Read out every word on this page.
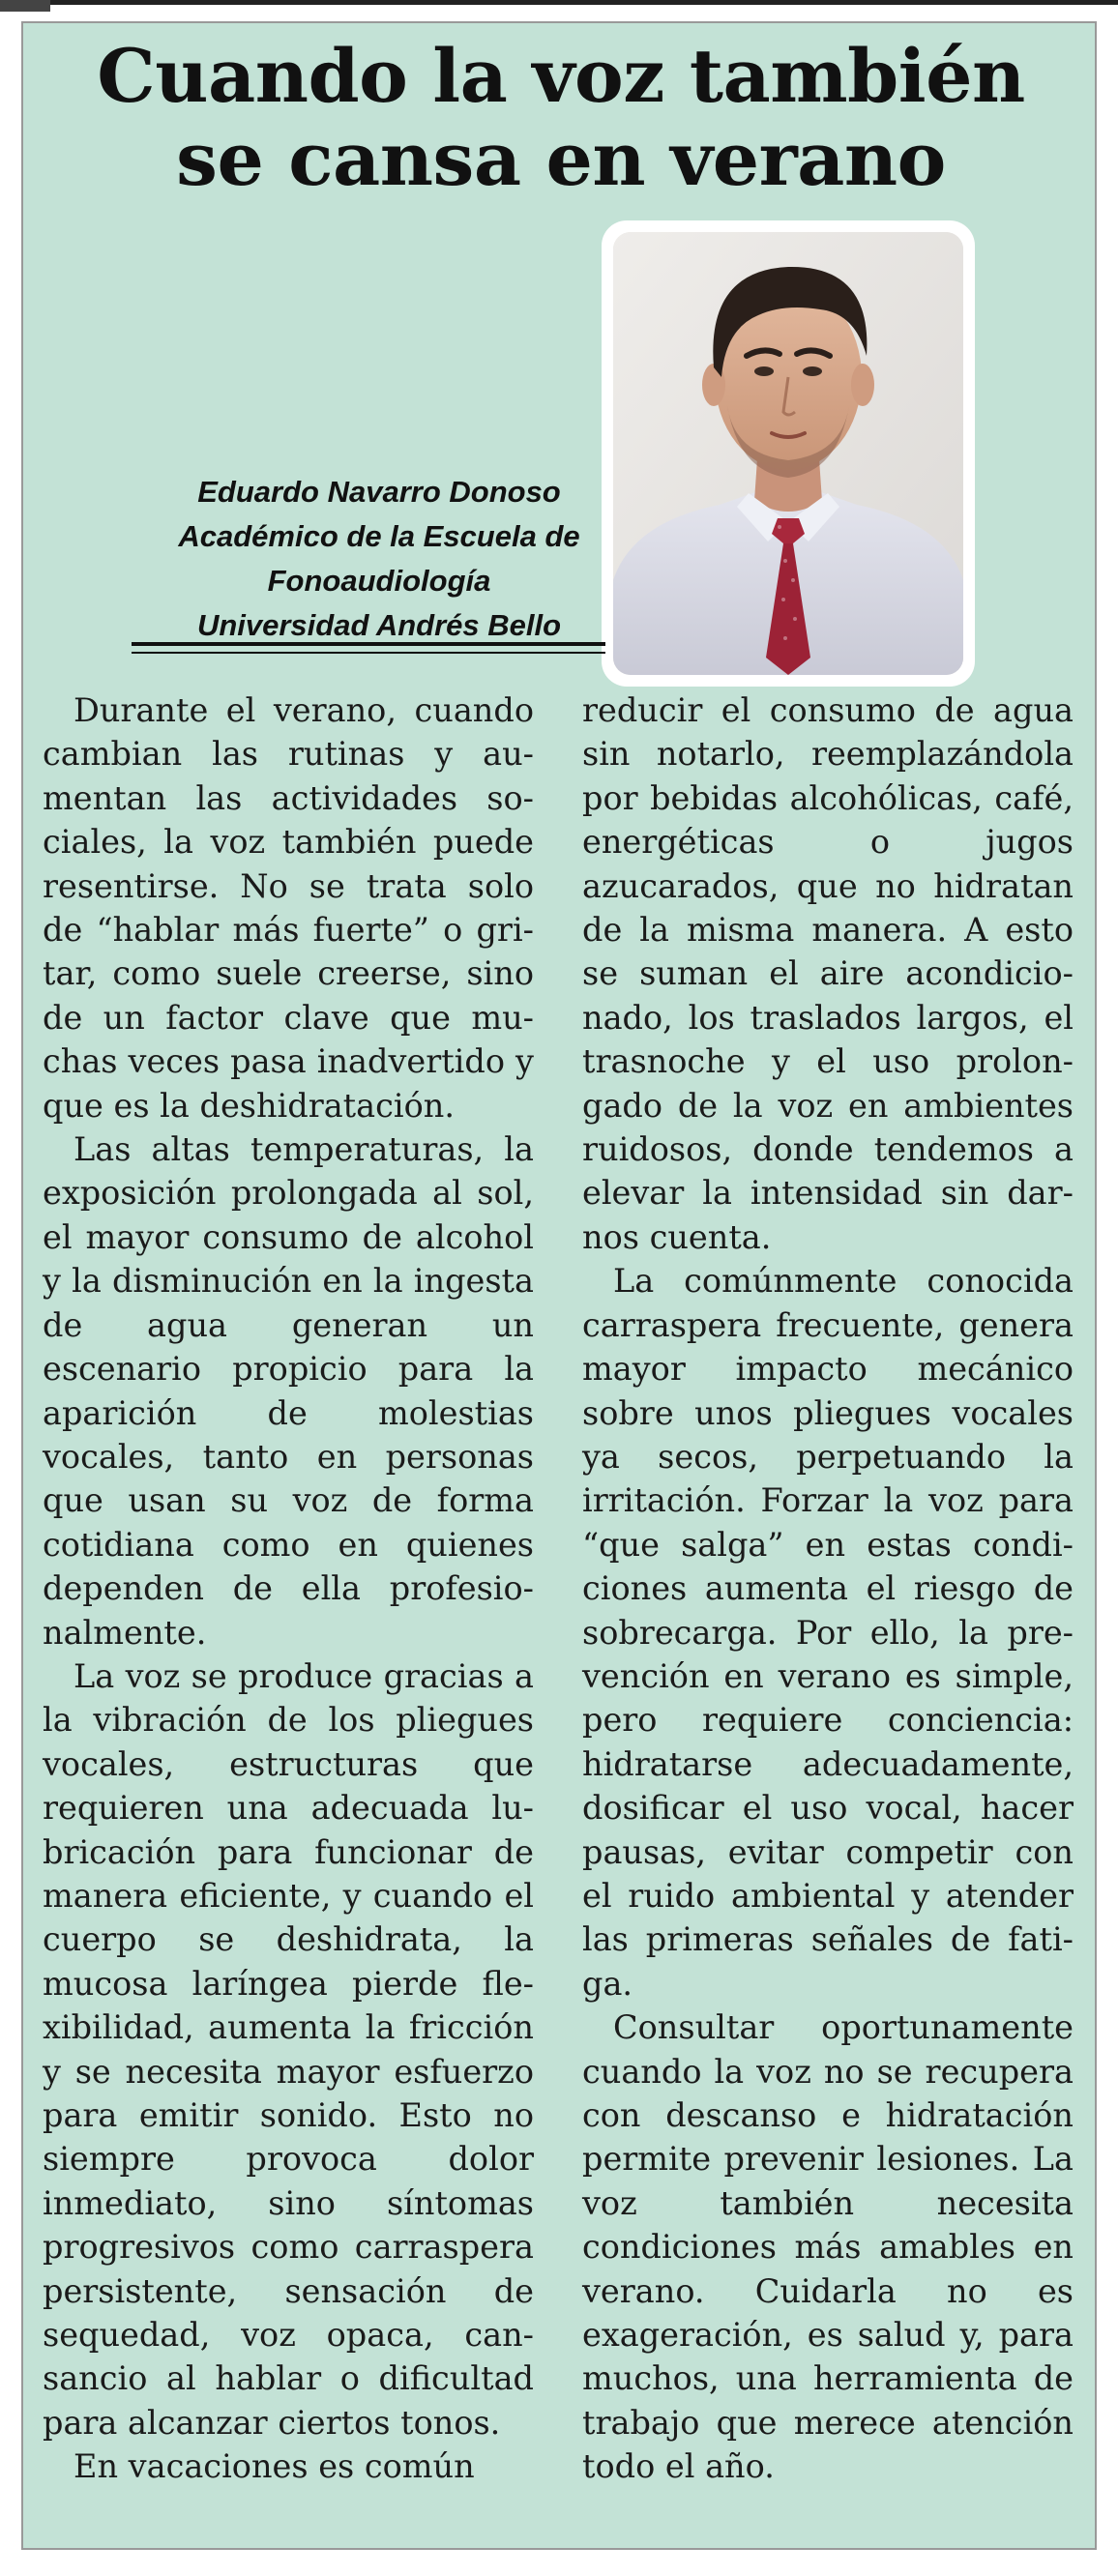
Cuando la voz también
se cansa en verano
Eduardo Navarro Donoso
Académico de la Escuela de
Fonoaudiología
Universidad Andrés Bello

Durante el verano, cuando cambian las rutinas y aumentan las actividades sociales, la voz también puede resentirse. No se trata solo de “hablar más fuerte” o gritar, como suele creerse, sino de un factor clave que muchas veces pasa inadvertido y que es la deshidratación.

Las altas temperaturas, la exposición prolongada al sol, el mayor consumo de alcohol y la disminución en la ingesta de agua generan un escenario propicio para la aparición de molestias vocales, tanto en personas que usan su voz de forma cotidiana como en quienes dependen de ella profesionalmente.

La voz se produce gracias a la vibración de los pliegues vocales, estructuras que requieren una adecuada lubricación para funcionar de manera eficiente, y cuando el cuerpo se deshidrata, la mucosa laríngea pierde flexibilidad, aumenta la fricción y se necesita mayor esfuerzo para emitir sonido. Esto no siempre provoca dolor inmediato, sino síntomas progresivos como carraspera persistente, sensación de sequedad, voz opaca, cansancio al hablar o dificultad para alcanzar ciertos tonos.

En vacaciones es común

reducir el consumo de agua sin notarlo, reemplazándola por bebidas alcohólicas, café, energéticas o jugos azucarados, que no hidratan de la misma manera. A esto se suman el aire acondicionado, los traslados largos, el trasnoche y el uso prolongado de la voz en ambientes ruidosos, donde tendemos a elevar la intensidad sin darnos cuenta.

La comúnmente conocida carraspera frecuente, genera mayor impacto mecánico sobre unos pliegues vocales ya secos, perpetuando la irritación. Forzar la voz para “que salga” en estas condiciones aumenta el riesgo de sobrecarga. Por ello, la prevención en verano es simple, pero requiere conciencia: hidratarse adecuadamente, dosificar el uso vocal, hacer pausas, evitar competir con el ruido ambiental y atender las primeras señales de fatiga.

Consultar oportunamente cuando la voz no se recupera con descanso e hidratación permite prevenir lesiones. La voz también necesita condiciones más amables en verano. Cuidarla no es exageración, es salud y, para muchos, una herramienta de trabajo que merece atención todo el año.
